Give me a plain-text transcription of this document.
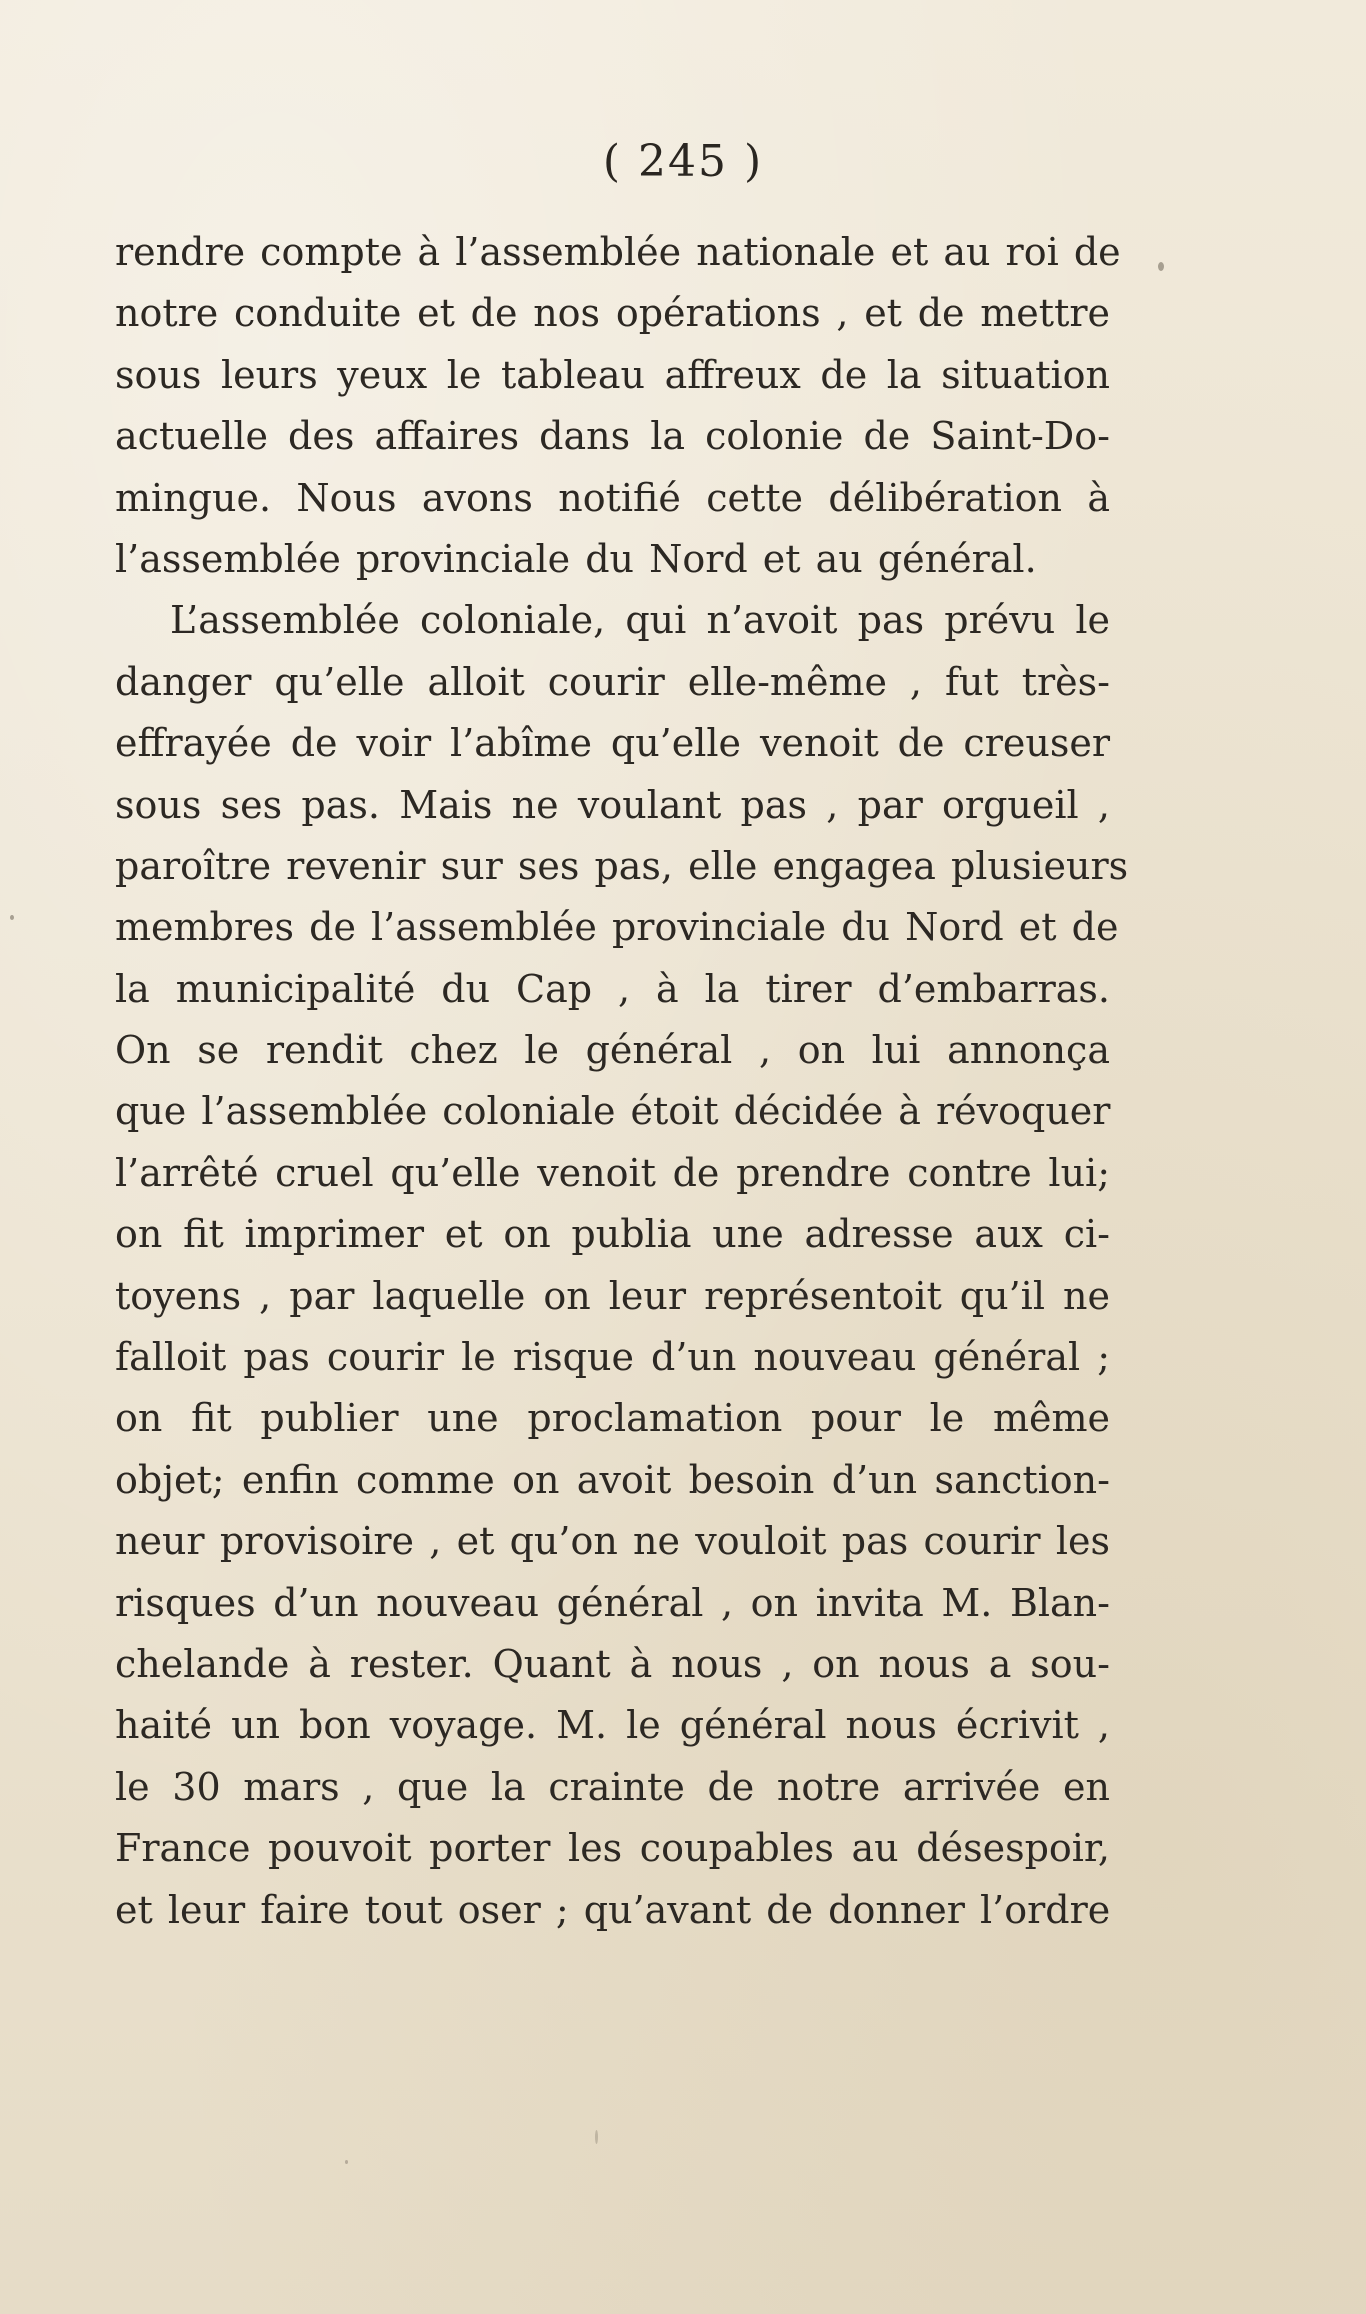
( 245 )
rendre compte à l’assemblée nationale et au roi de
notre conduite et de nos opérations , et de mettre
sous leurs yeux le tableau affreux de la situation
actuelle des affaires dans la colonie de Saint-Do-
mingue. Nous avons notifié cette délibération à
l’assemblée provinciale du Nord et au général.
L’assemblée coloniale, qui n’avoit pas prévu le
danger qu’elle alloit courir elle-même , fut très-
effrayée de voir l’abîme qu’elle venoit de creuser
sous ses pas. Mais ne voulant pas , par orgueil ,
paroître revenir sur ses pas, elle engagea plusieurs
membres de l’assemblée provinciale du Nord et de
la municipalité du Cap , à la tirer d’embarras.
On se rendit chez le général , on lui annonça
que l’assemblée coloniale étoit décidée à révoquer
l’arrêté cruel qu’elle venoit de prendre contre lui;
on fit imprimer et on publia une adresse aux ci-
toyens , par laquelle on leur représentoit qu’il ne
falloit pas courir le risque d’un nouveau général ;
on fit publier une proclamation pour le même
objet; enfin comme on avoit besoin d’un sanction-
neur provisoire , et qu’on ne vouloit pas courir les
risques d’un nouveau général , on invita M. Blan-
chelande à rester. Quant à nous , on nous a sou-
haité un bon voyage. M. le général nous écrivit ,
le 30 mars , que la crainte de notre arrivée en
France pouvoit porter les coupables au désespoir,
et leur faire tout oser ; qu’avant de donner l’ordre
